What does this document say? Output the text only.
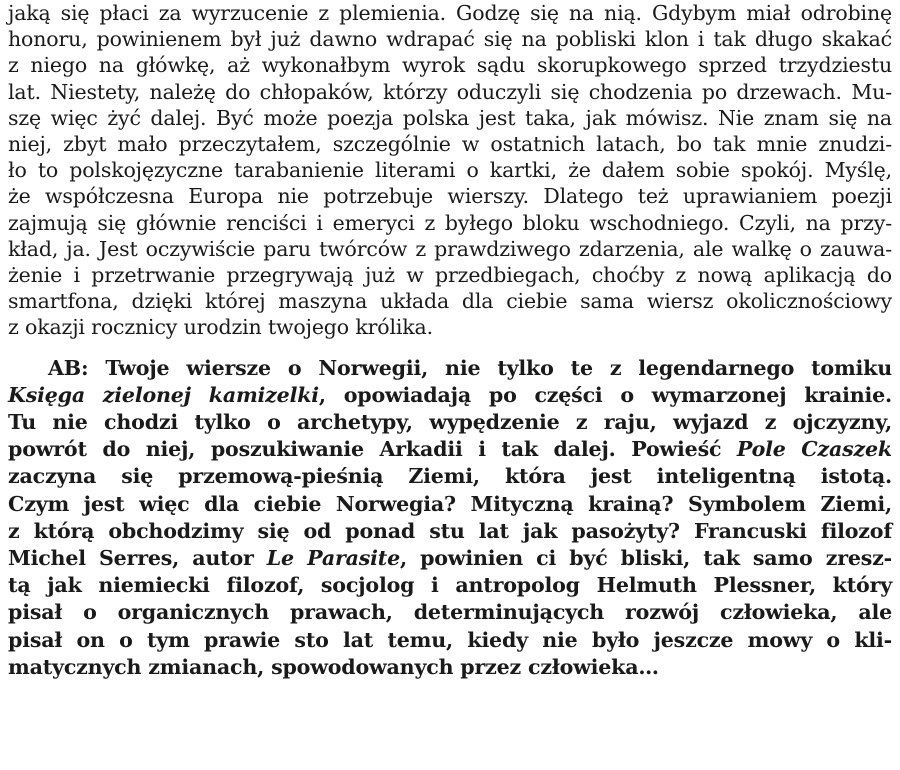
jaką się płaci za wyrzucenie z plemienia. Godzę się na nią. Gdybym miał odrobinę
honoru, powinienem był już dawno wdrapać się na pobliski klon i tak długo skakać
z niego na główkę, aż wykonałbym wyrok sądu skorupkowego sprzed trzydziestu
lat. Niestety, należę do chłopaków, którzy oduczyli się chodzenia po drzewach. Mu-
szę więc żyć dalej. Być może poezja polska jest taka, jak mówisz. Nie znam się na
niej, zbyt mało przeczytałem, szczególnie w ostatnich latach, bo tak mnie znudzi-
ło to polskojęzyczne tarabanienie literami o kartki, że dałem sobie spokój. Myślę,
że współczesna Europa nie potrzebuje wierszy. Dlatego też uprawianiem poezji
zajmują się głównie renciści i emeryci z byłego bloku wschodniego. Czyli, na przy-
kład, ja. Jest oczywiście paru twórców z prawdziwego zdarzenia, ale walkę o zauwa-
żenie i przetrwanie przegrywają już w przedbiegach, choćby z nową aplikacją do
smartfona, dzięki której maszyna układa dla ciebie sama wiersz okolicznościowy
z okazji rocznicy urodzin twojego królika.
AB: Twoje wiersze o Norwegii, nie tylko te z legendarnego tomiku
Księga zielonej kamizelki, opowiadają po części o wymarzonej krainie.
Tu nie chodzi tylko o archetypy, wypędzenie z raju, wyjazd z ojczyzny,
powrót do niej, poszukiwanie Arkadii i tak dalej. Powieść Pole Czaszek
zaczyna się przemową-pieśnią Ziemi, która jest inteligentną istotą.
Czym jest więc dla ciebie Norwegia? Mityczną krainą? Symbolem Ziemi,
z którą obchodzimy się od ponad stu lat jak pasożyty? Francuski filozof
Michel Serres, autor Le Parasite, powinien ci być bliski, tak samo zresz-
tą jak niemiecki filozof, socjolog i antropolog Helmuth Plessner, który
pisał o organicznych prawach, determinujących rozwój człowieka, ale
pisał on o tym prawie sto lat temu, kiedy nie było jeszcze mowy o kli-
matycznych zmianach, spowodowanych przez człowieka…
